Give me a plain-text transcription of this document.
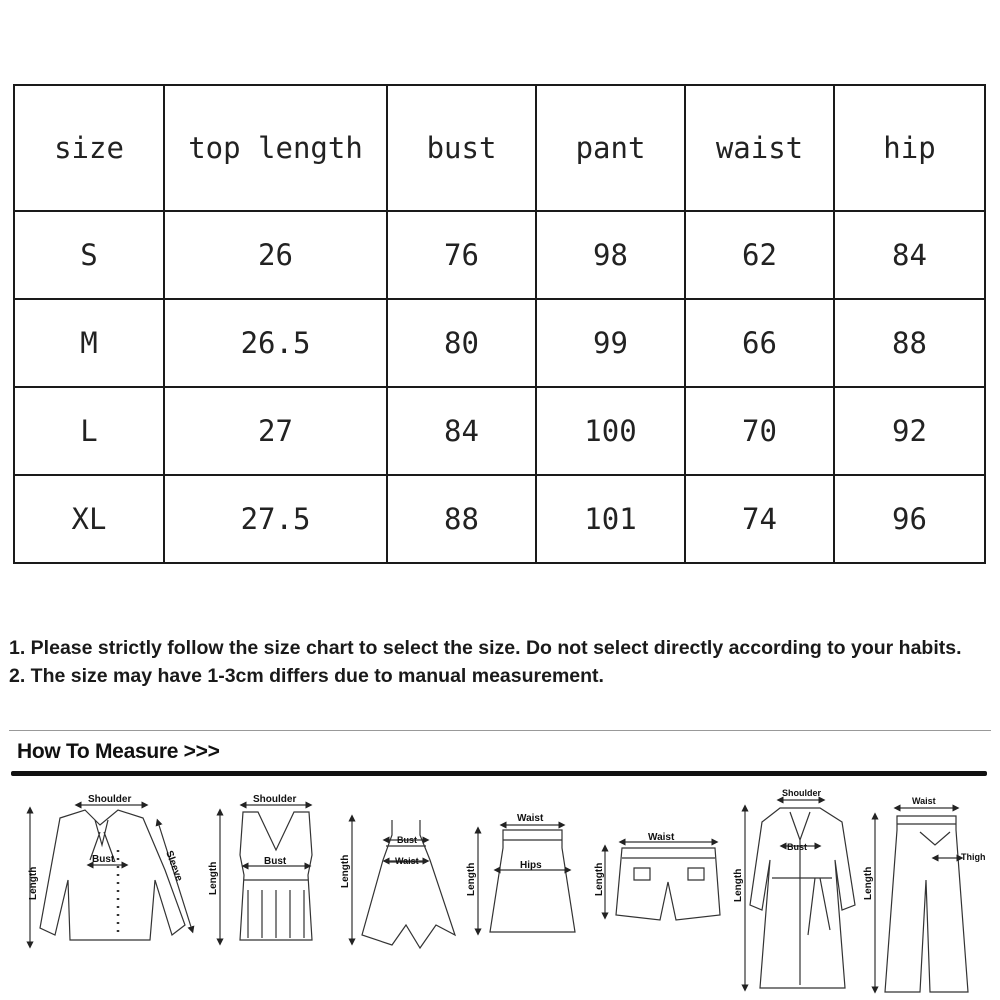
size	top length	bust	pant	waist	hip
S	26	76	98	62	84
M	26.5	80	99	66	88
L	27	84	100	70	92
XL	27.5	88	101	74	96

1. Please strictly follow the size chart to select the size. Do not select directly according to your habits.

2. The size may have 1-3cm differs due to manual measurement.

How To Measure >>>
Shoulder
Bust	Sleeve
Length
Shoulder
Bust
Length
Bust
Waist
Length
Waist
Hips
Length
Waist
Length
Shoulder
Bust
Length
Waist
Thigh
Length
